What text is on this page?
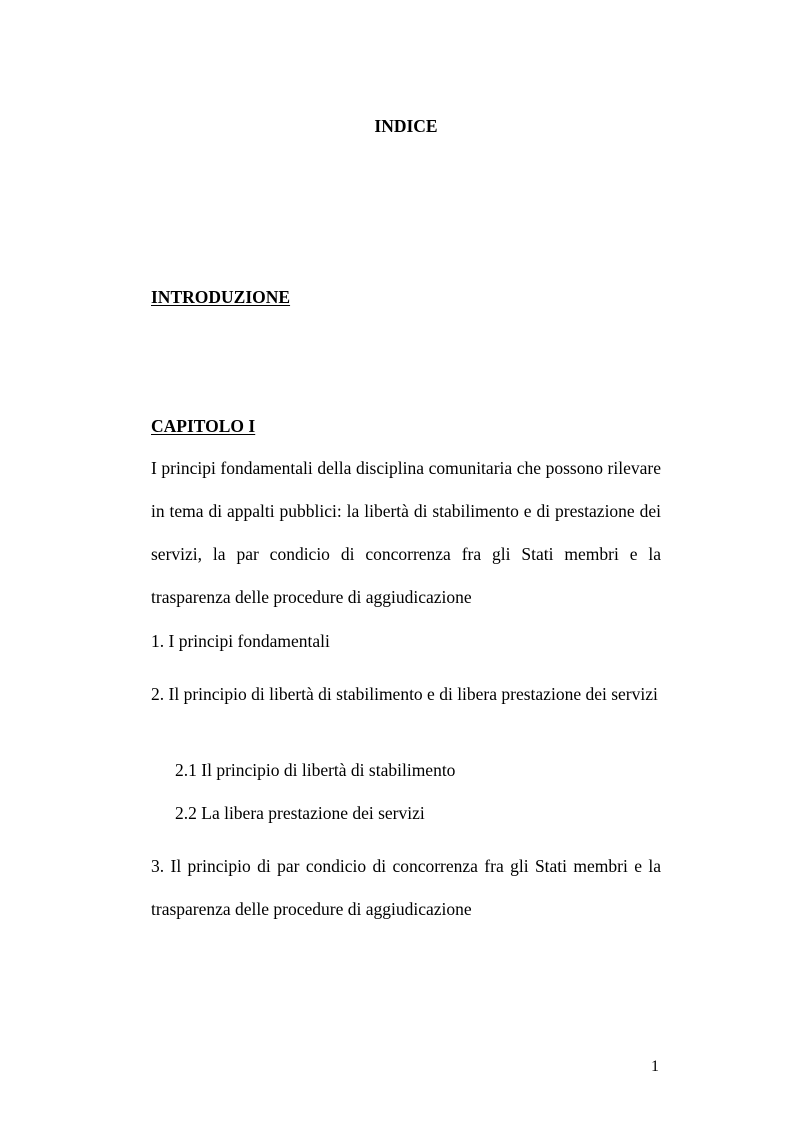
INDICE
INTRODUZIONE
CAPITOLO I
I principi fondamentali della disciplina comunitaria che possono rilevare in tema di appalti pubblici: la libertà di stabilimento e di prestazione dei servizi, la par condicio di concorrenza fra gli Stati membri e la trasparenza delle procedure di aggiudicazione
1. I principi fondamentali
2. Il principio di libertà di stabilimento e di libera prestazione dei servizi
2.1 Il principio di libertà di stabilimento
2.2 La libera prestazione dei servizi
3. Il principio di par condicio di concorrenza fra gli Stati membri e la trasparenza delle procedure di aggiudicazione
1
